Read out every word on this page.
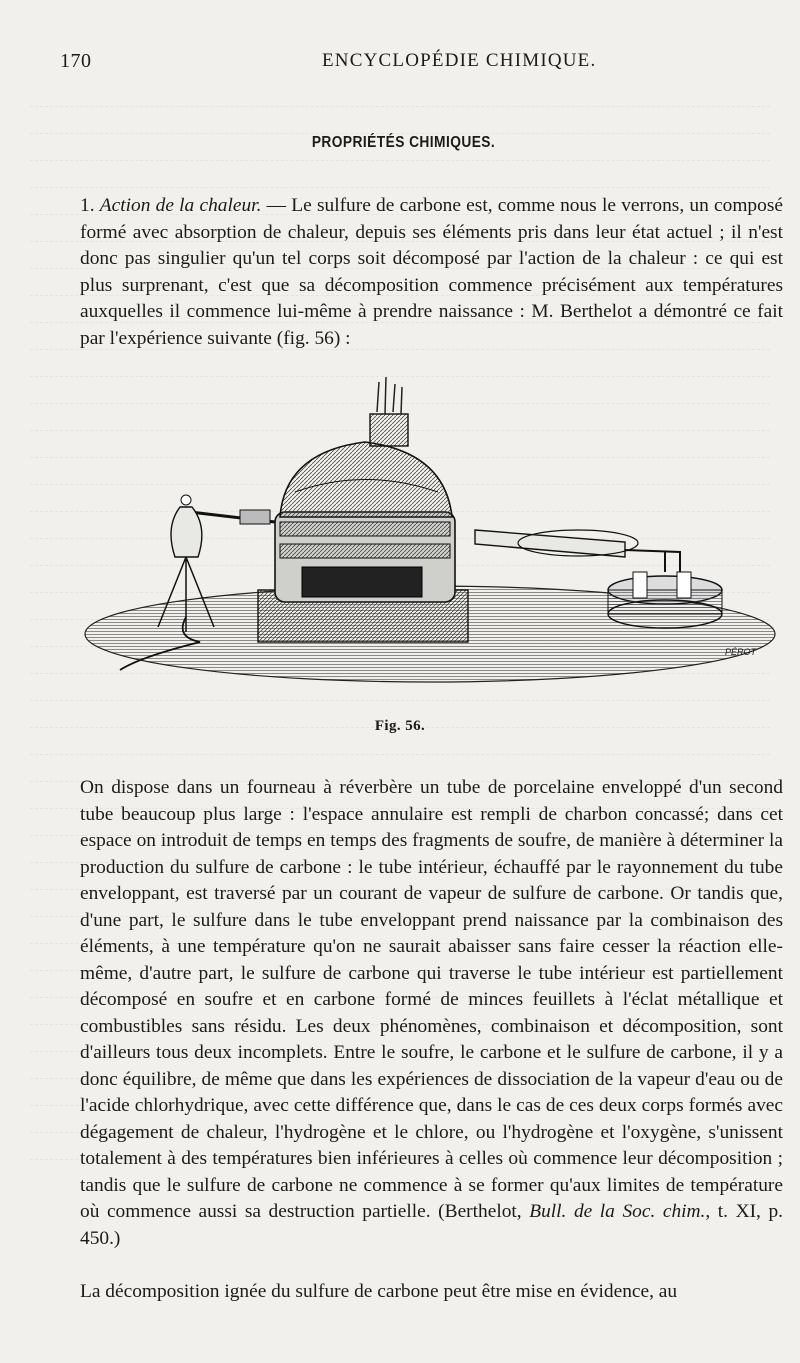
170	ENCYCLOPÉDIE CHIMIQUE.
PROPRIÉTÉS CHIMIQUES.

1. Action de la chaleur. — Le sulfure de carbone est, comme nous le verrons, un composé formé avec absorption de chaleur, depuis ses éléments pris dans leur état actuel ; il n'est donc pas singulier qu'un tel corps soit décomposé par l'action de la chaleur : ce qui est plus surprenant, c'est que sa décomposition commence précisément aux températures auxquelles il commence lui-même à prendre naissance : M. Berthelot a démontré ce fait par l'expérience suivante (fig. 56) :

PÉROT
Fig. 56.

On dispose dans un fourneau à réverbère un tube de porcelaine enveloppé d'un second tube beaucoup plus large : l'espace annulaire est rempli de charbon concassé; dans cet espace on introduit de temps en temps des fragments de soufre, de manière à déterminer la production du sulfure de carbone : le tube intérieur, échauffé par le rayonnement du tube enveloppant, est traversé par un courant de vapeur de sulfure de carbone. Or tandis que, d'une part, le sulfure dans le tube enveloppant prend naissance par la combinaison des éléments, à une température qu'on ne saurait abaisser sans faire cesser la réaction elle-même, d'autre part, le sulfure de carbone qui traverse le tube intérieur est partiellement décomposé en soufre et en carbone formé de minces feuillets à l'éclat métallique et combustibles sans résidu. Les deux phénomènes, combinaison et décomposition, sont d'ailleurs tous deux incomplets. Entre le soufre, le carbone et le sulfure de carbone, il y a donc équilibre, de même que dans les expériences de dissociation de la vapeur d'eau ou de l'acide chlorhydrique, avec cette différence que, dans le cas de ces deux corps formés avec dégagement de chaleur, l'hydrogène et le chlore, ou l'hydrogène et l'oxygène, s'unissent totalement à des températures bien inférieures à celles où commence leur décomposition ; tandis que le sulfure de carbone ne commence à se former qu'aux limites de température où commence aussi sa destruction partielle. (Berthelot, Bull. de la Soc. chim., t. XI, p. 450.)

La décomposition ignée du sulfure de carbone peut être mise en évidence, au
